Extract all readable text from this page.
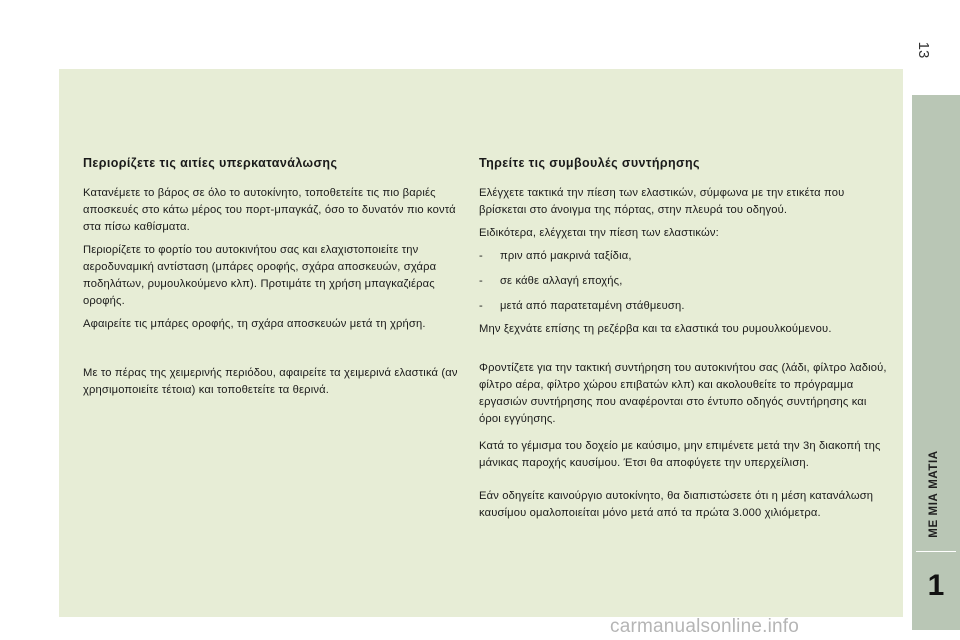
Περιορίζετε τις αιτίες υπερκατανάλωσης

Κατανέμετε το βάρος σε όλο το αυτοκίνητο, τοποθετείτε τις πιο βαριές αποσκευές στο κάτω μέρος του πορτ-μπαγκάζ, όσο το δυνατόν πιο κοντά στα πίσω καθίσματα.

Περιορίζετε το φορτίο του αυτοκινήτου σας και ελαχιστοποιείτε την αεροδυναμική αντίσταση (μπάρες οροφής, σχάρα αποσκευών, σχάρα ποδηλάτων, ρυμουλκούμενο κλπ). Προτιμάτε τη χρήση μπαγκαζιέρας οροφής.

Αφαιρείτε τις μπάρες οροφής, τη σχάρα αποσκευών μετά τη χρήση.

Με το πέρας της χειμερινής περιόδου, αφαιρείτε τα χειμερινά ελαστικά (αν χρησιμοποιείτε τέτοια) και τοποθετείτε τα θερινά.

Τηρείτε τις συμβουλές συντήρησης

Ελέγχετε τακτικά την πίεση των ελαστικών, σύμφωνα με την ετικέτα που βρίσκεται στο άνοιγμα της πόρτας, στην πλευρά του οδηγού.

Ειδικότερα, ελέγχεται την πίεση των ελαστικών:

-	πριν από μακρινά ταξίδια,
-	σε κάθε αλλαγή εποχής,
-	μετά από παρατεταμένη στάθμευση.

Μην ξεχνάτε επίσης τη ρεζέρβα και τα ελαστικά του ρυμουλκούμενου.

Φροντίζετε για την τακτική συντήρηση του αυτοκινήτου σας (λάδι, φίλτρο λαδιού, φίλτρο αέρα, φίλτρο χώρου επιβατών κλπ) και ακολουθείτε το πρόγραμμα εργασιών συντήρησης που αναφέρονται στο έντυπο οδηγός συντήρησης και όροι εγγύησης.

Κατά το γέμισμα του δοχείο με καύσιμο, μην επιμένετε μετά την 3η διακοπή της μάνικας παροχής καυσίμου. Έτσι θα αποφύγετε την υπερχείλιση.

Εάν οδηγείτε καινούργιο αυτοκίνητο, θα διαπιστώσετε ότι η μέση κατανάλωση καυσίμου ομαλοποιείται μόνο μετά από τα πρώτα 3.000 χιλιόμετρα.

13
ΜΕ ΜΙΑ ΜΑΤΙΑ
1
carmanualsonline.info
